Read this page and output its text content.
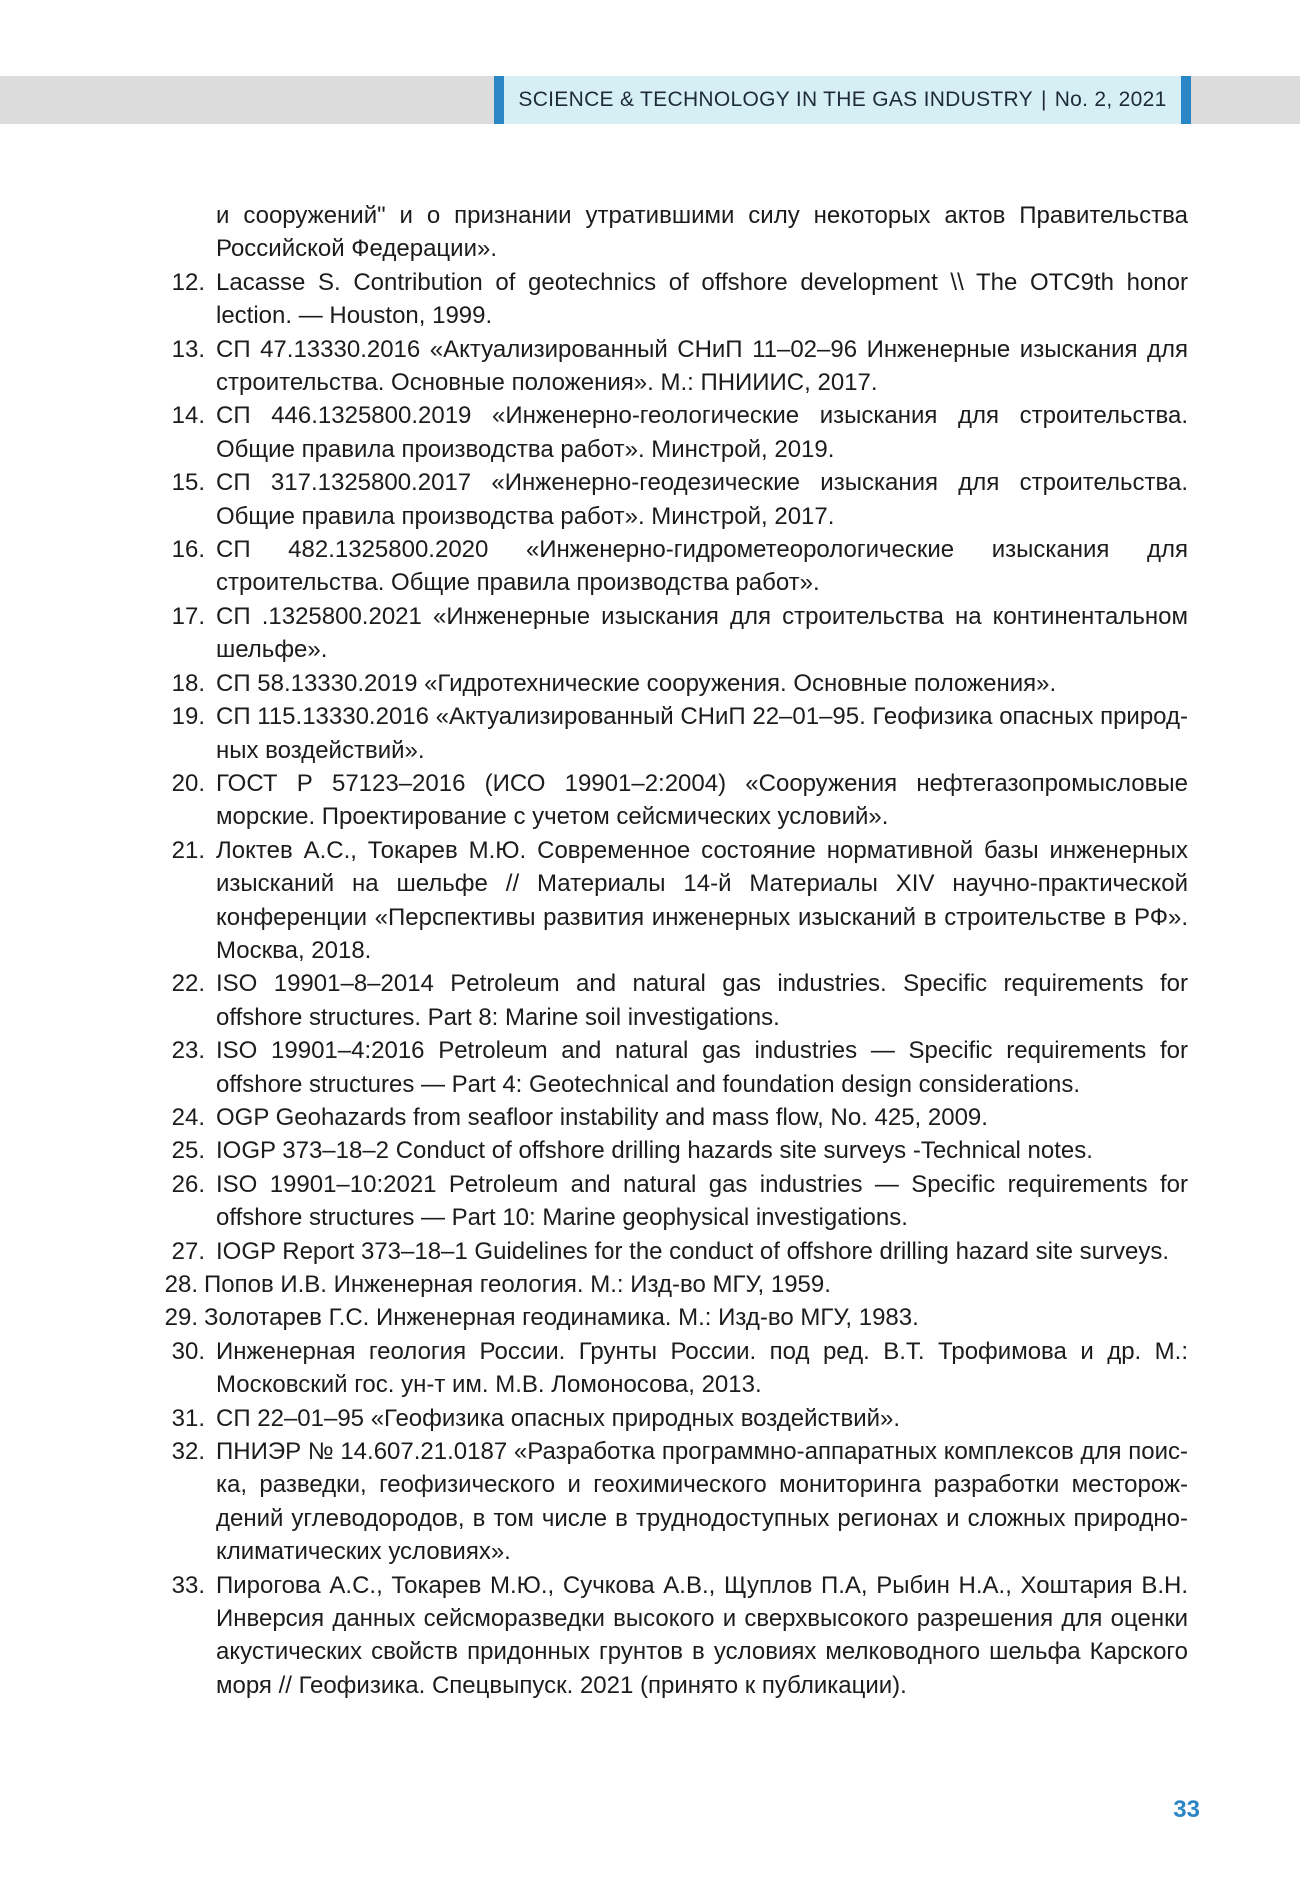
SCIENCE & TECHNOLOGY IN THE GAS INDUSTRY | No. 2, 2021
и сооружений" и о признании утратившими силу некоторых актов Правительства Российской Федерации».
12. Lacasse S. Contribution of geotechnics of offshore development \\ The OTC9th honor lection. — Houston, 1999.
13. СП 47.13330.2016 «Актуализированный СНиП 11–02–96 Инженерные изыскания для строительства. Основные положения». М.: ПНИИИС, 2017.
14. СП 446.1325800.2019 «Инженерно-геологические изыскания для строительства. Общие правила производства работ». Минстрой, 2019.
15. СП 317.1325800.2017 «Инженерно-геодезические изыскания для строительства. Общие правила производства работ». Минстрой, 2017.
16. СП 482.1325800.2020 «Инженерно-гидрометеорологические изыскания для строительства. Общие правила производства работ».
17. СП .1325800.2021 «Инженерные изыскания для строительства на континентальном шельфе».
18. СП 58.13330.2019 «Гидротехнические сооружения. Основные положения».
19. СП 115.13330.2016 «Актуализированный СНиП 22–01–95. Геофизика опасных природных воздействий».
20. ГОСТ Р 57123–2016 (ИСО 19901–2:2004) «Сооружения нефтегазопромысловые морские. Проектирование с учетом сейсмических условий».
21. Локтев А.С., Токарев М.Ю. Современное состояние нормативной базы инженерных изысканий на шельфе // Материалы 14-й Материалы XIV научно-практической конференции «Перспективы развития инженерных изысканий в строительстве в РФ». Москва, 2018.
22. ISO 19901–8–2014 Petroleum and natural gas industries. Specific requirements for offshore structures. Part 8: Marine soil investigations.
23. ISO 19901–4:2016 Petroleum and natural gas industries — Specific requirements for offshore structures — Part 4: Geotechnical and foundation design considerations.
24. OGP Geohazards from seafloor instability and mass flow, No. 425, 2009.
25. IOGP 373–18–2 Conduct of offshore drilling hazards site surveys -Technical notes.
26. ISO 19901–10:2021 Petroleum and natural gas industries — Specific requirements for offshore structures — Part 10: Marine geophysical investigations.
27. IOGP Report 373–18–1 Guidelines for the conduct of offshore drilling hazard site surveys.
28. Попов И.В. Инженерная геология. М.: Изд-во МГУ, 1959.
29. Золотарев Г.С. Инженерная геодинамика. М.: Изд-во МГУ, 1983.
30. Инженерная геология России. Грунты России. под ред. В.Т. Трофимова и др. М.: Московский гос. ун-т им. М.В. Ломоносова, 2013.
31. СП 22–01–95 «Геофизика опасных природных воздействий».
32. ПНИЭР № 14.607.21.0187 «Разработка программно-аппаратных комплексов для поиска, разведки, геофизического и геохимического мониторинга разработки месторождений углеводородов, в том числе в труднодоступных регионах и сложных природно-климатических условиях».
33. Пирогова А.С., Токарев М.Ю., Сучкова А.В., Щуплов П.А, Рыбин Н.А., Хоштария В.Н. Инверсия данных сейсморазведки высокого и сверхвысокого разрешения для оценки акустических свойств придонных грунтов в условиях мелководного шельфа Карского моря // Геофизика. Спецвыпуск. 2021 (принято к публикации).
33
